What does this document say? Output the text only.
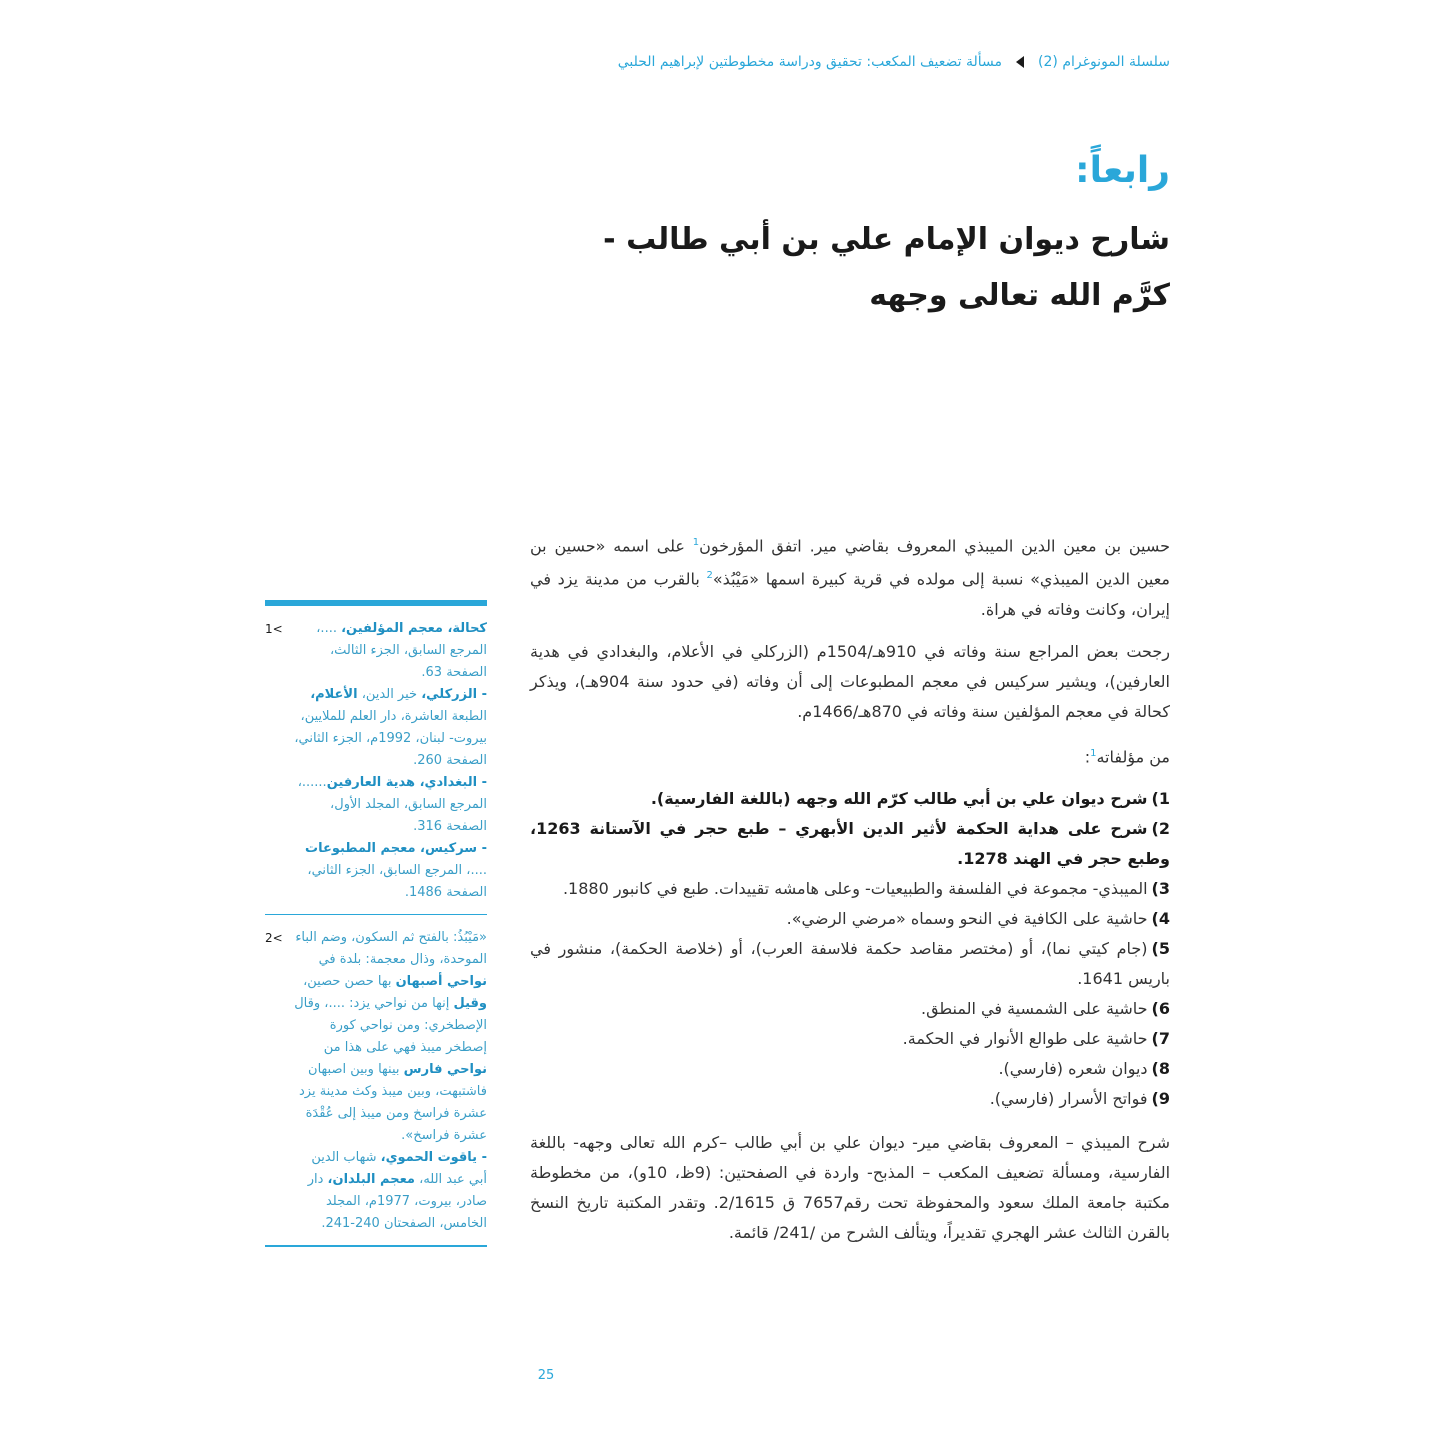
سلسلة المونوغرام (2)
مسألة تضعيف المكعب: تحقيق ودراسة مخطوطتين لإبراهيم الحلبي
رابعاً:
شارح ديوان الإمام علي بن أبي طالب -
كرَّم الله تعالى وجهه

حسين بن معين الدين الميبذي المعروف بقاضي مير. اتفق المؤرخون$^1$ على اسمه «حسين بن معين الدين الميبذي» نسبة إلى مولده في قرية كبيرة اسمها «مَيْبُذ»$^2$ بالقرب من مدينة يزد في إيران، وكانت وفاته في هراة.

رجحت بعض المراجع سنة وفاته في 910هـ/1504م (الزركلي في الأعلام، والبغدادي في هدية العارفين)، ويشير سركيس في معجم المطبوعات إلى أن وفاته (في حدود سنة 904هـ)، ويذكر كحالة في معجم المؤلفين سنة وفاته في 870هـ/1466م.

من مؤلفاته$^1$:

1)شرح ديوان علي بن أبي طالب كرّم الله وجهه (باللغة الفارسية).
2)شرح على هداية الحكمة لأثير الدين الأبهري – طبع حجر في الآستانة 1263، وطبع حجر في الهند 1278.
3)الميبذي- مجموعة في الفلسفة والطبيعيات- وعلى هامشه تقييدات. طبع في كانبور 1880.
4)حاشية على الكافية في النحو وسماه «مرضي الرضي».
5)(جام كيتي نما)، أو (مختصر مقاصد حكمة فلاسفة العرب)، أو (خلاصة الحكمة)، منشور في باريس 1641.
6)حاشية على الشمسية في المنطق.
7)حاشية على طوالع الأنوار في الحكمة.
8)ديوان شعره (فارسي).
9)فواتح الأسرار (فارسي).

شرح الميبذي – المعروف بقاضي مير- ديوان علي بن أبي طالب –كرم الله تعالى وجهه- باللغة الفارسية، ومسألة تضعيف المكعب – المذبح- واردة في الصفحتين: (9ظ، 10و)، من مخطوطة مكتبة جامعة الملك سعود والمحفوظة تحت رقم7657 ق 2/1615. وتقدر المكتبة تاريخ النسخ بالقرن الثالث عشر الهجري تقديراً، ويتألف الشرح من /241/ قائمة.

كحالة، معجم المؤلفين، ....، المرجع السابق، الجزء الثالث، الصفحة 63.
- الزركلي، خير الدين، الأعلام، الطبعة العاشرة، دار العلم للملايين، بيروت- لبنان، 1992م، الجزء الثاني، الصفحة 260.
- البغدادي، هدية العارفين......، المرجع السابق، المجلد الأول، الصفحة 316.
- سركيس، معجم المطبوعات ....، المرجع السابق، الجزء الثاني، الصفحة 1486.
1<
«مَيْبُذُ: بالفتح ثم السكون، وضم الباء الموحدة، وذال معجمة: بلدة في نواحي أصبهان بها حصن حصين، وقيل إنها من نواحي يزد: ....، وقال الإصطخري: ومن نواحي كورة إصطخر ميبذ فهي على هذا من نواحي فارس بينها وبين اصبهان فاشتبهت، وبين ميبذ وكث مدينة يزد عشرة فراسخ ومن ميبذ إلى عُقْدَة عشرة فراسخ».
- ياقوت الحموي، شهاب الدين أبي عبد الله، معجم البلدان، دار صادر، بيروت، 1977م، المجلد الخامس، الصفحتان 240-241.
2<
25
